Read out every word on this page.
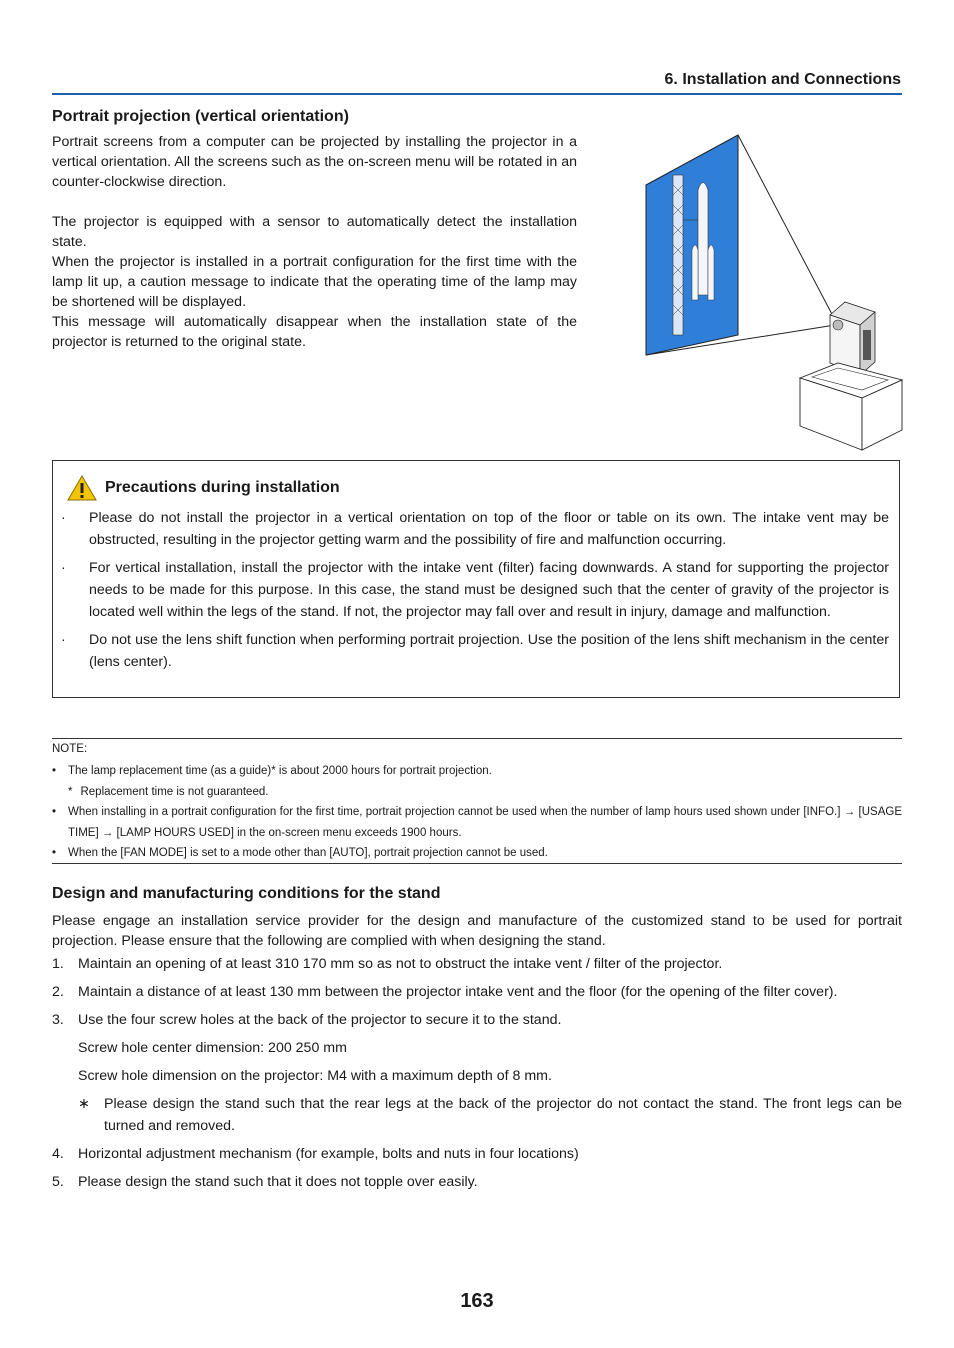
6. Installation and Connections
Portrait projection (vertical orientation)

Portrait screens from a computer can be projected by installing the projector in a vertical orientation. All the screens such as the on-screen menu will be rotated in an counter-clockwise direction.

The projector is equipped with a sensor to automatically detect the installation state.

When the projector is installed in a portrait configuration for the first time with the lamp lit up, a caution message to indicate that the operating time of the lamp may be shortened will be displayed.

This message will automatically disappear when the installation state of the projector is returned to the original state.

Precautions during installation
· Please do not install the projector in a vertical orientation on top of the floor or table on its own. The intake vent may be obstructed, resulting in the projector getting warm and the possibility of fire and malfunction occurring.
· For vertical installation, install the projector with the intake vent (filter) facing downwards. A stand for supporting the projector needs to be made for this purpose. In this case, the stand must be designed such that the center of gravity of the projector is located well within the legs of the stand. If not, the projector may fall over and result in injury, damage and malfunction.
· Do not use the lens shift function when performing portrait projection. Use the position of the lens shift mechanism in the center (lens center).
NOTE:
• The lamp replacement time (as a guide)* is about 2000 hours for portrait projection.
* Replacement time is not guaranteed.
• When installing in a portrait configuration for the first time, portrait projection cannot be used when the number of lamp hours used shown under [INFO.] → [USAGE TIME] → [LAMP HOURS USED] in the on-screen menu exceeds 1900 hours.
• When the [FAN MODE] is set to a mode other than [AUTO], portrait projection cannot be used.
Design and manufacturing conditions for the stand

Please engage an installation service provider for the design and manufacture of the customized stand to be used for portrait projection. Please ensure that the following are complied with when designing the stand.

1. Maintain an opening of at least 310 170 mm so as not to obstruct the intake vent / filter of the projector.
2. Maintain a distance of at least 130 mm between the projector intake vent and the floor (for the opening of the filter cover).
3. Use the four screw holes at the back of the projector to secure it to the stand.
Screw hole center dimension: 200 250 mm
Screw hole dimension on the projector: M4 with a maximum depth of 8 mm.
∗ Please design the stand such that the rear legs at the back of the projector do not contact the stand. The front legs can be turned and removed.
4. Horizontal adjustment mechanism (for example, bolts and nuts in four locations)
5. Please design the stand such that it does not topple over easily.
163
